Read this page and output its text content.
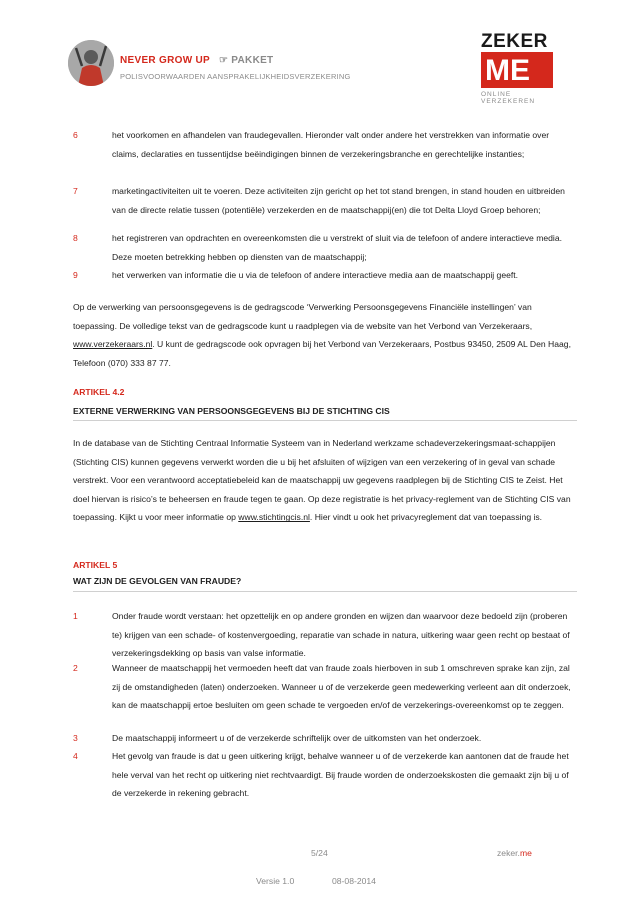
NEVER GROW UP ☞ PAKKET
POLISVOORWAARDEN AANSPRAKELIJKHEIDSVERZEKERING
ZEKER
ME
ONLINE VERZEKEREN
6	het voorkomen en afhandelen van fraudegevallen. Hieronder valt onder andere het verstrekken van informatie over claims, declaraties en tussentijdse beëindigingen binnen de verzekeringsbranche en gerechtelijke instanties;
7	marketingactiviteiten uit te voeren. Deze activiteiten zijn gericht op het tot stand brengen, in stand houden en uitbreiden van de directe relatie tussen (potentiële) verzekerden en de maatschappij(en) die tot Delta Lloyd Groep behoren;
8	het registreren van opdrachten en overeenkomsten die u verstrekt of sluit via de telefoon of andere interactieve media. Deze moeten betrekking hebben op diensten van de maatschappij;
9	het verwerken van informatie die u via de telefoon of andere interactieve media aan de maatschappij geeft.
Op de verwerking van persoonsgegevens is de gedragscode ‘Verwerking Persoonsgegevens Financiële instellingen’ van toepassing. De volledige tekst van de gedragscode kunt u raadplegen via de website van het Verbond van Verzekeraars, www.verzekeraars.nl. U kunt de gedragscode ook opvragen bij het Verbond van Verzekeraars, Postbus 93450, 2509 AL Den Haag, Telefoon (070) 333 87 77.
ARTIKEL 4.2
EXTERNE VERWERKING VAN PERSOONSGEGEVENS BIJ DE STICHTING CIS
In de database van de Stichting Centraal Informatie Systeem van in Nederland werkzame schadeverzekeringsmaat-schappijen (Stichting CIS) kunnen gegevens verwerkt worden die u bij het afsluiten of wijzigen van een verzekering of in geval van schade verstrekt. Voor een verantwoord acceptatiebeleid kan de maatschappij uw gegevens raadplegen bij de Stichting CIS te Zeist. Het doel hiervan is risico’s te beheersen en fraude tegen te gaan. Op deze registratie is het privacy-reglement van de Stichting CIS van toepassing. Kijkt u voor meer informatie op www.stichtingcis.nl. Hier vindt u ook het privacyreglement dat van toepassing is.
ARTIKEL 5
WAT ZIJN DE GEVOLGEN VAN FRAUDE?
1	Onder fraude wordt verstaan: het opzettelijk en op andere gronden en wijzen dan waarvoor deze bedoeld zijn (proberen te) krijgen van een schade- of kostenvergoeding, reparatie van schade in natura, uitkering waar geen recht op bestaat of verzekeringsdekking op basis van valse informatie.
2	Wanneer de maatschappij het vermoeden heeft dat van fraude zoals hierboven in sub 1 omschreven sprake kan zijn, zal zij de omstandigheden (laten) onderzoeken. Wanneer u of de verzekerde geen medewerking verleent aan dit onderzoek, kan de maatschappij ertoe besluiten om geen schade te vergoeden en/of de verzekerings-overeenkomst op te zeggen.
3	De maatschappij informeert u of de verzekerde schriftelijk over de uitkomsten van het onderzoek.
4	Het gevolg van fraude is dat u geen uitkering krijgt, behalve wanneer u of de verzekerde kan aantonen dat de fraude het hele verval van het recht op uitkering niet rechtvaardigt. Bij fraude worden de onderzoekskosten die gemaakt zijn bij u of de verzekerde in rekening gebracht.
5/24	zeker.me
Versie 1.0	08-08-2014
